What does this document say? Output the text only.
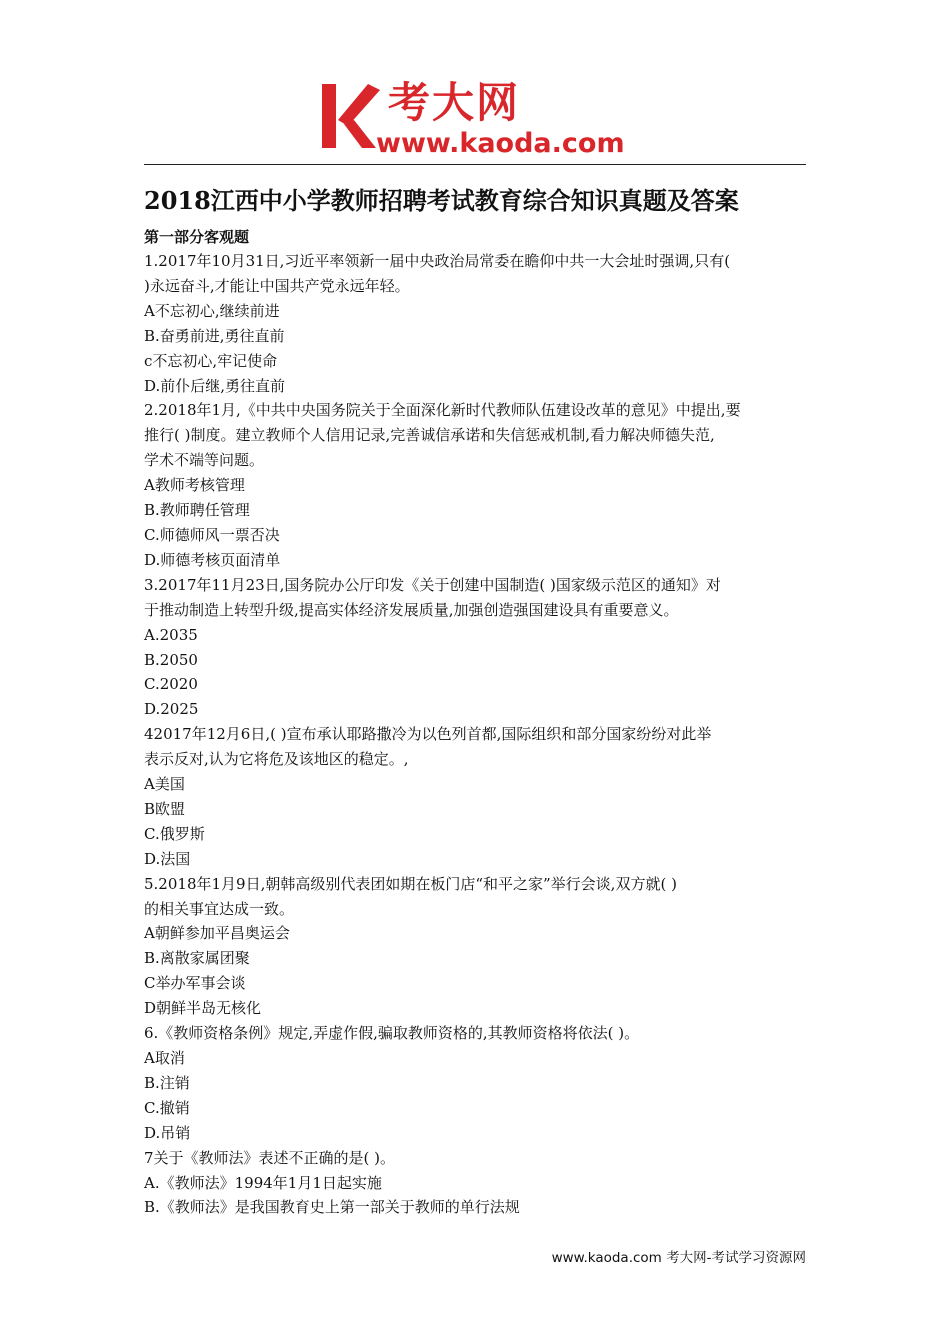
考大网
www.kaoda.com
2018江西中小学教师招聘考试教育综合知识真题及答案
第一部分客观题
1.2017年10月31日,习近平率领新一届中央政治局常委在瞻仰中共一大会址时强调,只有(
)永远奋斗,才能让中国共产党永远年轻。
A不忘初心,继续前进
B.奋勇前进,勇往直前
c不忘初心,牢记使命
D.前仆后继,勇往直前
2.2018年1月,《中共中央国务院关于全面深化新时代教师队伍建设改革的意见》中提出,要
推行( )制度。建立教师个人信用记录,完善诚信承诺和失信惩戒机制,看力解决师德失范,
学术不端等问题。
A教师考核管理
B.教师聘任管理
C.师德师风一票否决
D.师德考核页面清单
3.2017年11月23日,国务院办公厅印发《关于创建中国制造( )国家级示范区的通知》对
于推动制造上转型升级,提高实体经济发展质量,加强创造强国建设具有重要意义。
A.2035
B.2050
C.2020
D.2025
42017年12月6日,( )宣布承认耶路撒冷为以色列首都,国际组织和部分国家纷纷对此举
表示反对,认为它将危及该地区的稳定。,
A美国
B欧盟
C.俄罗斯
D.法国
5.2018年1月9日,朝韩高级别代表团如期在板门店“和平之家”举行会谈,双方就( )
的相关事宜达成一致。
A朝鲜参加平昌奥运会
B.离散家属团聚
C举办军事会谈
D朝鲜半岛无核化
6.《教师资格条例》规定,弄虚作假,骗取教师资格的,其教师资格将依法( )。
A取消
B.注销
C.撤销
D.吊销
7关于《教师法》表述不正确的是( )。
A.《教师法》1994年1月1日起实施
B.《教师法》是我国教育史上第一部关于教师的单行法规
www.kaoda.com 考大网-考试学习资源网
